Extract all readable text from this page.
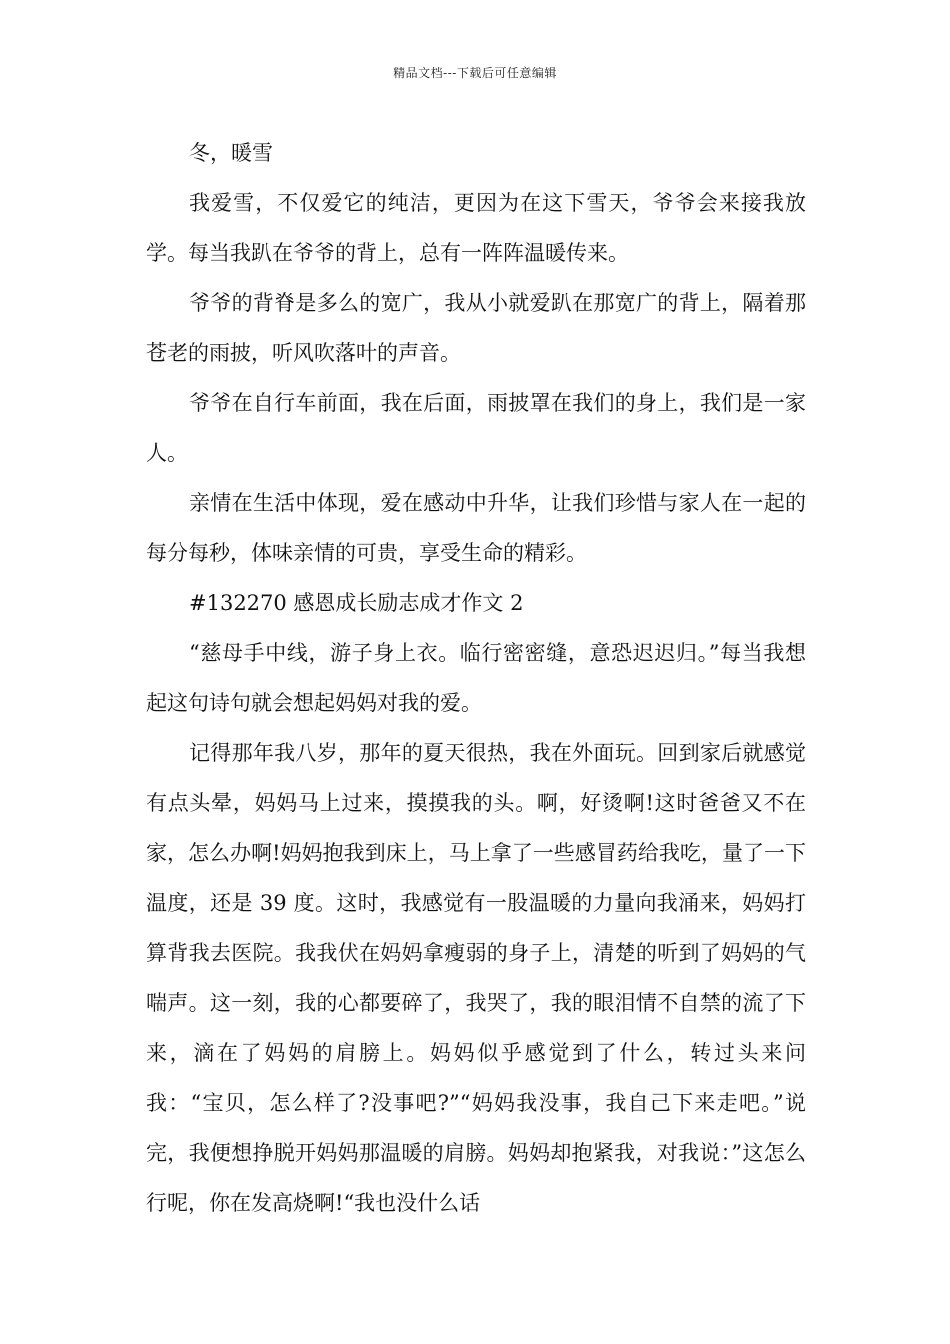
精品文档---下载后可任意编辑

冬，暖雪

我爱雪，不仅爱它的纯洁，更因为在这下雪天，爷爷会来接我放学。每当我趴在爷爷的背上，总有一阵阵温暖传来。

爷爷的背脊是多么的宽广，我从小就爱趴在那宽广的背上，隔着那苍老的雨披，听风吹落叶的声音。

爷爷在自行车前面，我在后面，雨披罩在我们的身上，我们是一家人。

亲情在生活中体现，爱在感动中升华，让我们珍惜与家人在一起的每分每秒，体味亲情的可贵，享受生命的精彩。

#132270 感恩成长励志成才作文 2

“慈母手中线，游子身上衣。临行密密缝，意恐迟迟归。”每当我想起这句诗句就会想起妈妈对我的爱。

记得那年我八岁，那年的夏天很热，我在外面玩。回到家后就感觉有点头晕，妈妈马上过来，摸摸我的头。啊，好烫啊!这时爸爸又不在家，怎么办啊!妈妈抱我到床上，马上拿了一些感冒药给我吃，量了一下温度，还是 39 度。这时，我感觉有一股温暖的力量向我涌来，妈妈打算背我去医院。我我伏在妈妈拿瘦弱的身子上，清楚的听到了妈妈的气喘声。这一刻，我的心都要碎了，我哭了，我的眼泪情不自禁的流了下来，滴在了妈妈的肩膀上。妈妈似乎感觉到了什么，转过头来问我：“宝贝，怎么样了?没事吧?”“妈妈我没事，我自己下来走吧。”说完，我便想挣脱开妈妈那温暖的肩膀。妈妈却抱紧我，对我说：”这怎么行呢，你在发高烧啊!“我也没什么话
